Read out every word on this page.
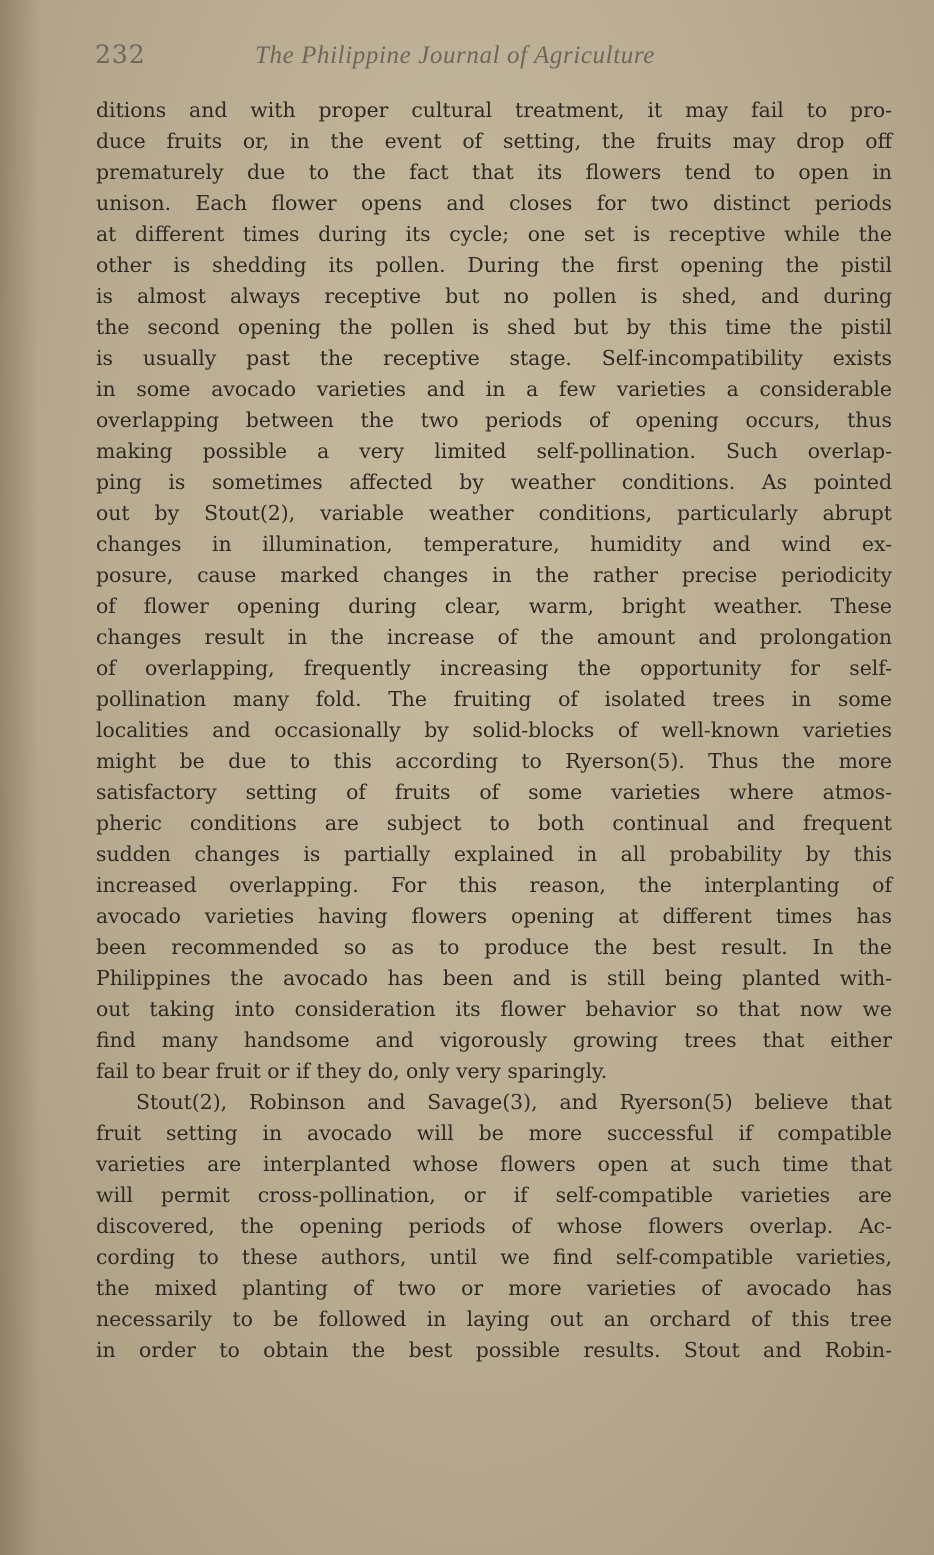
232	The Philippine Journal of Agriculture
ditions and with proper cultural treatment, it may fail to pro-
duce fruits or, in the event of setting, the fruits may drop off
prematurely due to the fact that its flowers tend to open in
unison. Each flower opens and closes for two distinct periods
at different times during its cycle; one set is receptive while the
other is shedding its pollen. During the first opening the pistil
is almost always receptive but no pollen is shed, and during
the second opening the pollen is shed but by this time the pistil
is usually past the receptive stage. Self-incompatibility exists
in some avocado varieties and in a few varieties a considerable
overlapping between the two periods of opening occurs, thus
making possible a very limited self-pollination. Such overlap-
ping is sometimes affected by weather conditions. As pointed
out by Stout(2), variable weather conditions, particularly abrupt
changes in illumination, temperature, humidity and wind ex-
posure, cause marked changes in the rather precise periodicity
of flower opening during clear, warm, bright weather. These
changes result in the increase of the amount and prolongation
of overlapping, frequently increasing the opportunity for self-
pollination many fold. The fruiting of isolated trees in some
localities and occasionally by solid-blocks of well-known varieties
might be due to this according to Ryerson(5). Thus the more
satisfactory setting of fruits of some varieties where atmos-
pheric conditions are subject to both continual and frequent
sudden changes is partially explained in all probability by this
increased overlapping. For this reason, the interplanting of
avocado varieties having flowers opening at different times has
been recommended so as to produce the best result. In the
Philippines the avocado has been and is still being planted with-
out taking into consideration its flower behavior so that now we
find many handsome and vigorously growing trees that either
fail to bear fruit or if they do, only very sparingly.
Stout(2), Robinson and Savage(3), and Ryerson(5) believe that
fruit setting in avocado will be more successful if compatible
varieties are interplanted whose flowers open at such time that
will permit cross-pollination, or if self-compatible varieties are
discovered, the opening periods of whose flowers overlap. Ac-
cording to these authors, until we find self-compatible varieties,
the mixed planting of two or more varieties of avocado has
necessarily to be followed in laying out an orchard of this tree
in order to obtain the best possible results. Stout and Robin-
